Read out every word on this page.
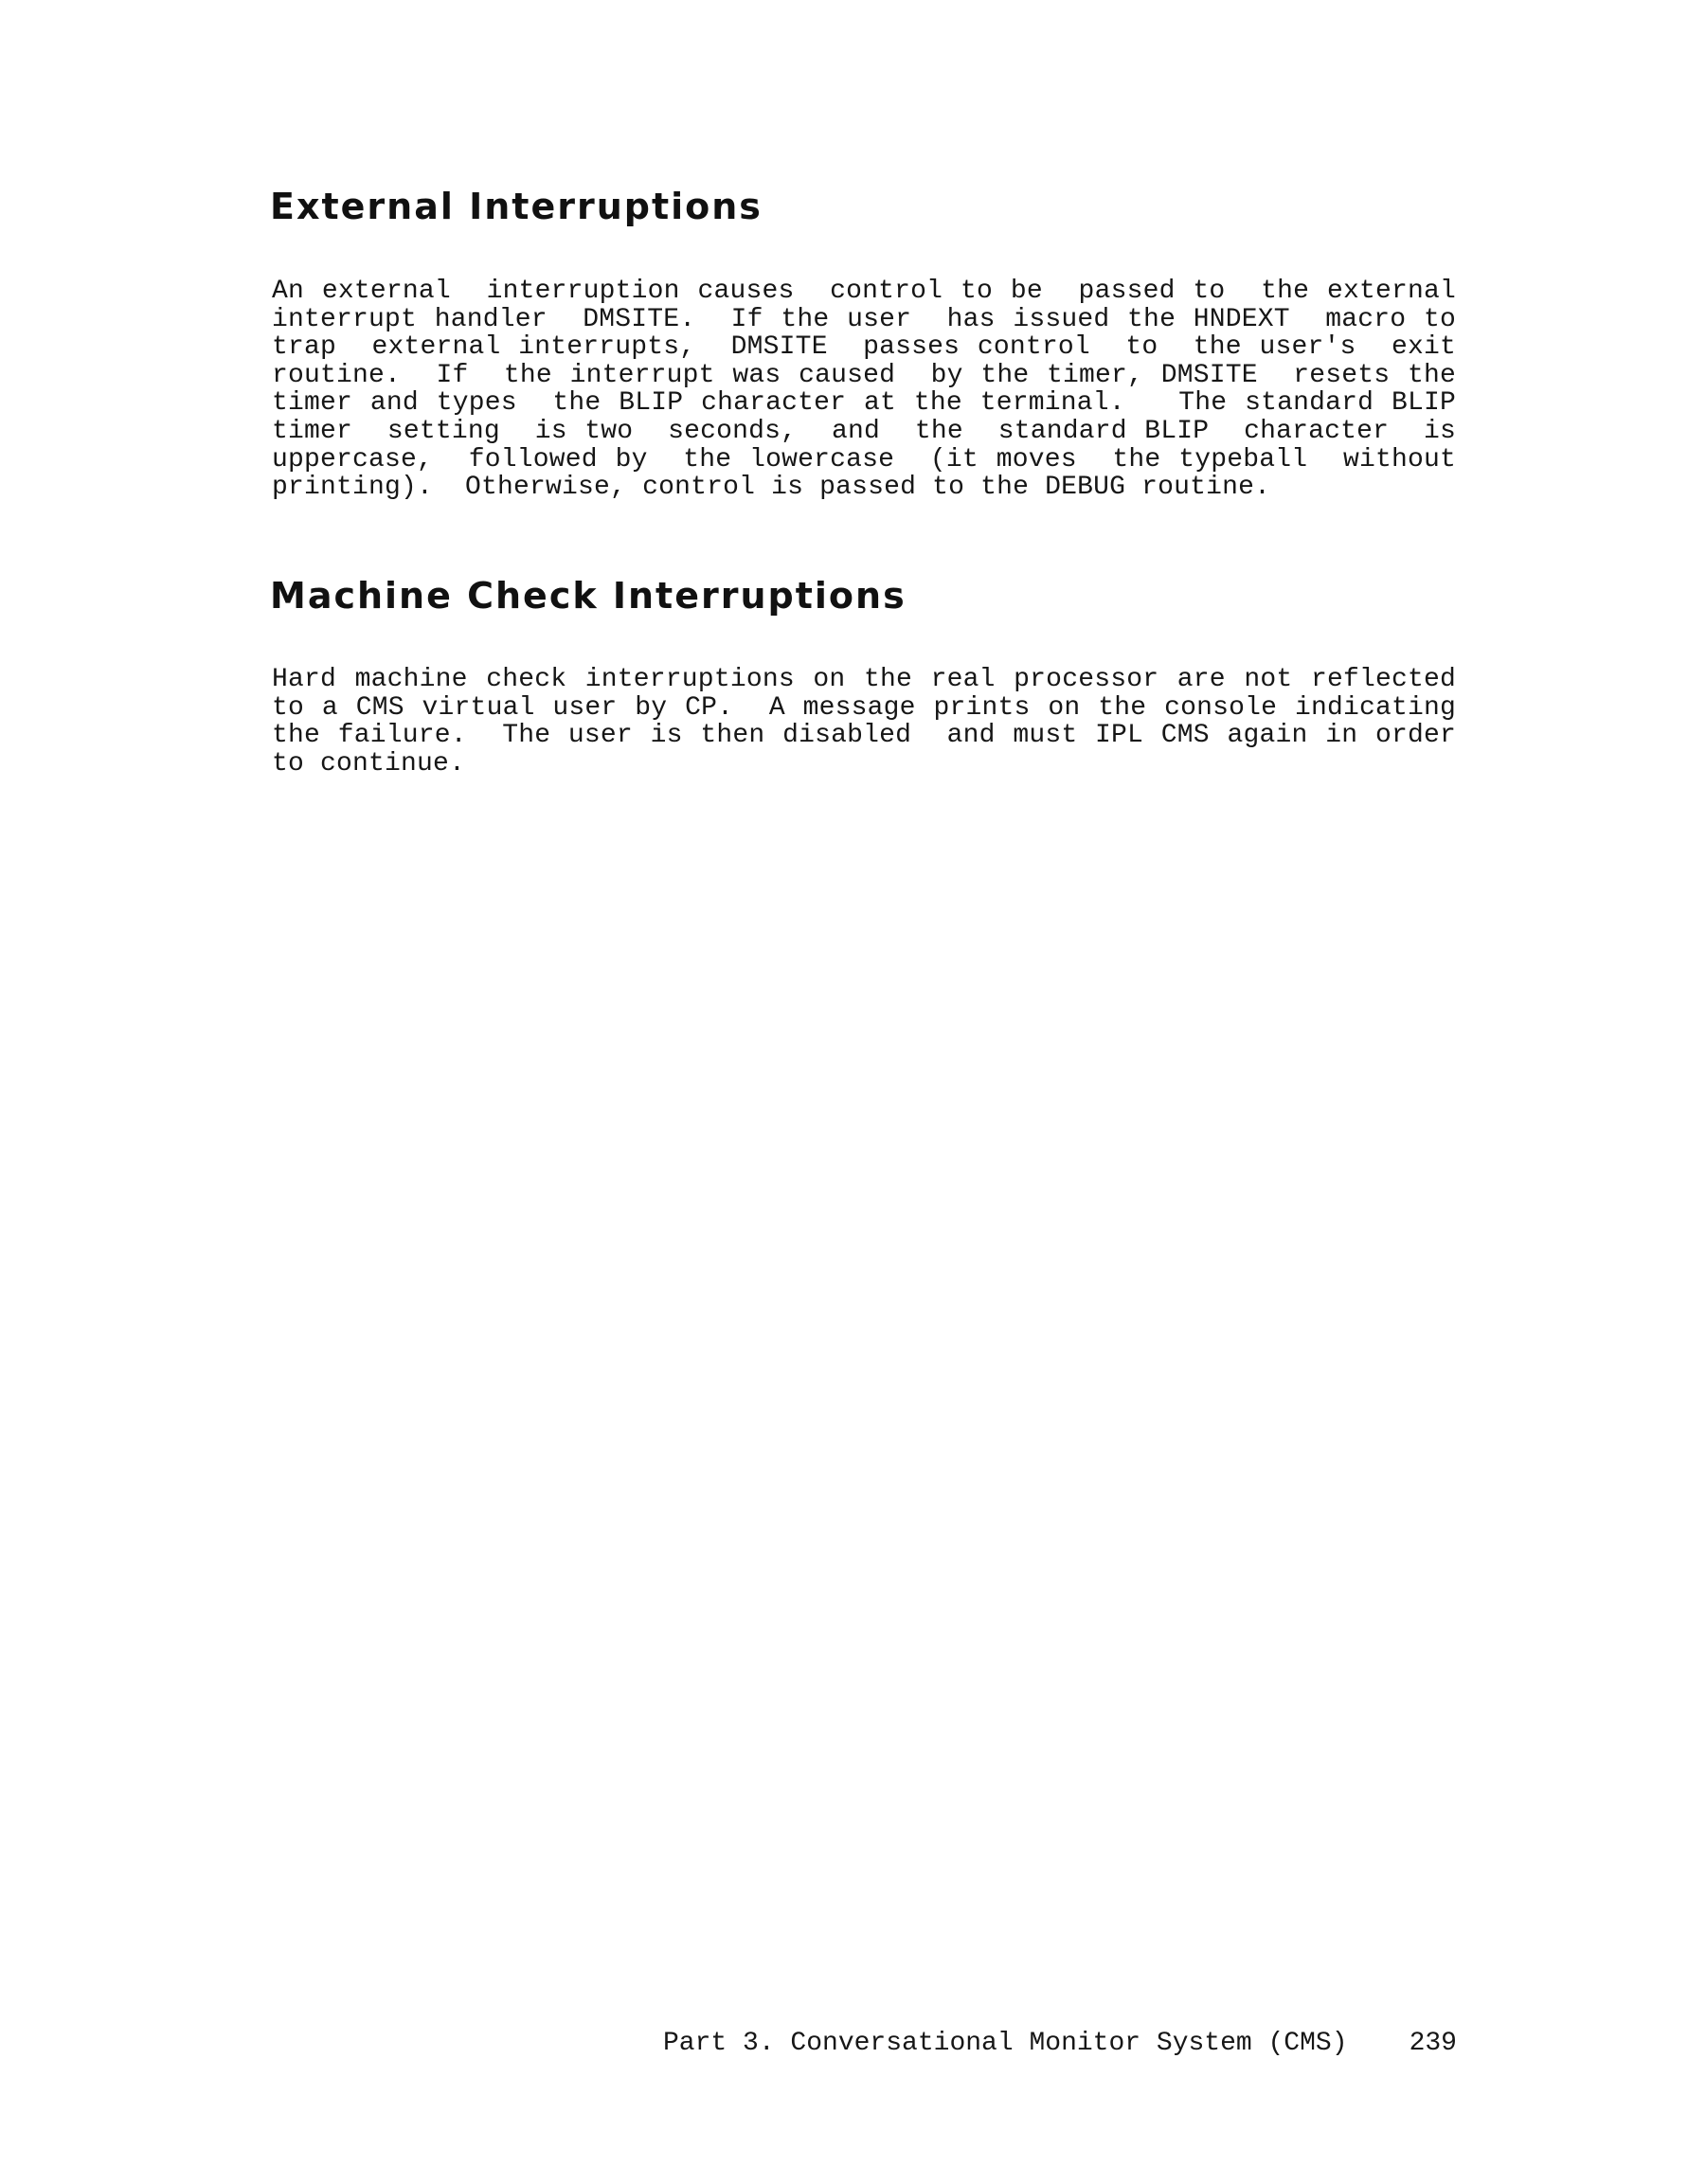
External Interruptions
An external  interruption causes  control to be  passed to  the external
interrupt handler  DMSITE.  If the user  has issued the HNDEXT  macro to
trap  external interrupts,  DMSITE  passes control  to  the user's  exit
routine.  If  the interrupt was caused  by the timer, DMSITE  resets the
timer and types  the BLIP character at the terminal.   The standard BLIP
timer  setting  is two  seconds,  and  the  standard BLIP  character  is
uppercase,  followed by  the lowercase  (it moves  the typeball  without
printing).  Otherwise, control is passed to the DEBUG routine.
Machine Check Interruptions
Hard machine check interruptions on the real processor are not reflected
to a CMS virtual user by CP.  A message prints on the console indicating
the failure.  The user is then disabled  and must IPL CMS again in order
to continue.
Part 3. Conversational Monitor System (CMS) 239
